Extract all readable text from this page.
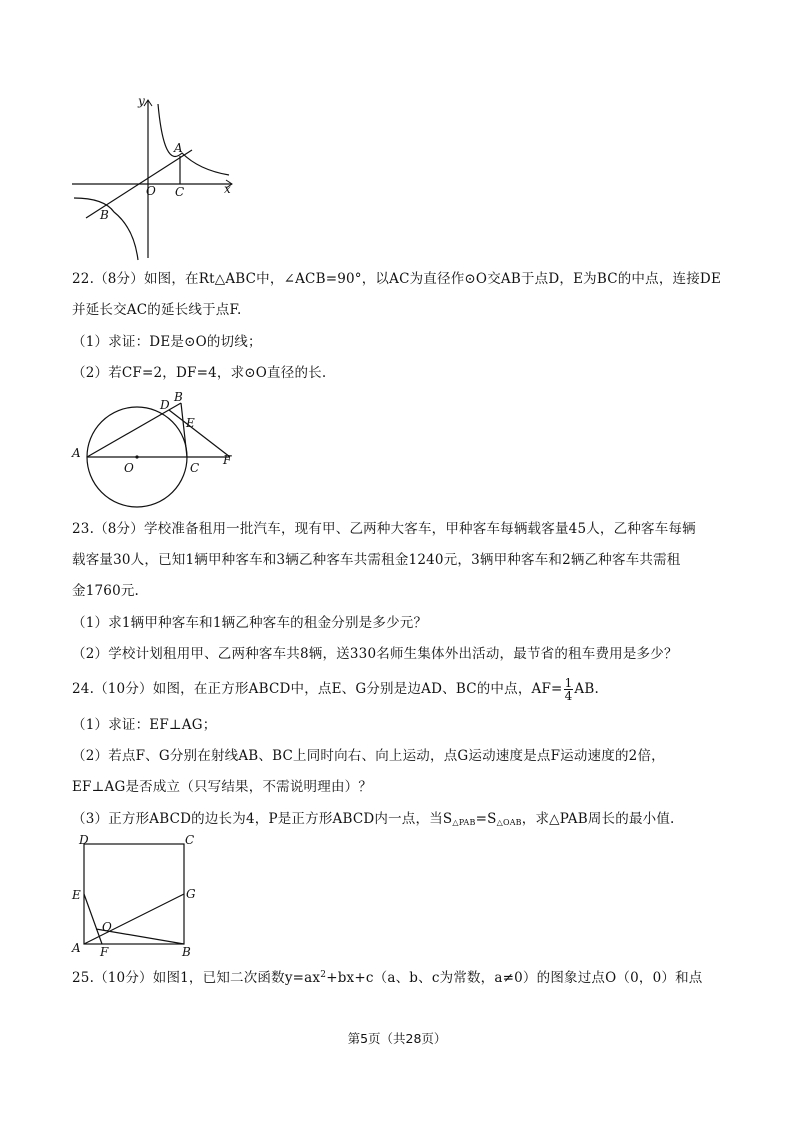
y
x
A
O C
B
22.（8分）如图，在Rt△ABC中，∠ACB=90°，以AC为直径作⊙O交AB于点D，E为BC的中点，连接DE
并延长交AC的延长线于点F.
（1）求证：DE是⊙O的切线；
（2）若CF=2，DF=4，求⊙O直径的长.
D
B
E
A
O	C
F
23.（8分）学校准备租用一批汽车，现有甲、乙两种大客车，甲种客车每辆载客量45人，乙种客车每辆
载客量30人，已知1辆甲种客车和3辆乙种客车共需租金1240元，3辆甲种客车和2辆乙种客车共需租
金1760元.
（1）求1辆甲种客车和1辆乙种客车的租金分别是多少元？
（2）学校计划租用甲、乙两种客车共8辆，送330名师生集体外出活动，最节省的租车费用是多少？
24.（10分）如图，在正方形ABCD中，点E、G分别是边AD、BC的中点，$AF= \frac{1}{4}$ AB.
（1）求证：EF⊥AG；
（2）若点F、G分别在射线AB、BC上同时向右、向上运动，点G运动速度是点F运动速度的2倍，
EF⊥AG是否成立（只写结果，不需说明理由）？
（3）正方形ABCD的边长为4，P是正方形ABCD内一点，当$S_{\triangle PAB}=S_{\triangle OAB}$，求△PAB周长的最小值.
D	C
E	G
O
A F	B
25.（10分）如图1，已知二次函数$y=ax^2+bx+c(a$、b、c为常数，a≠0）的图象过点O（0，0）和点
第5页（共28页）
